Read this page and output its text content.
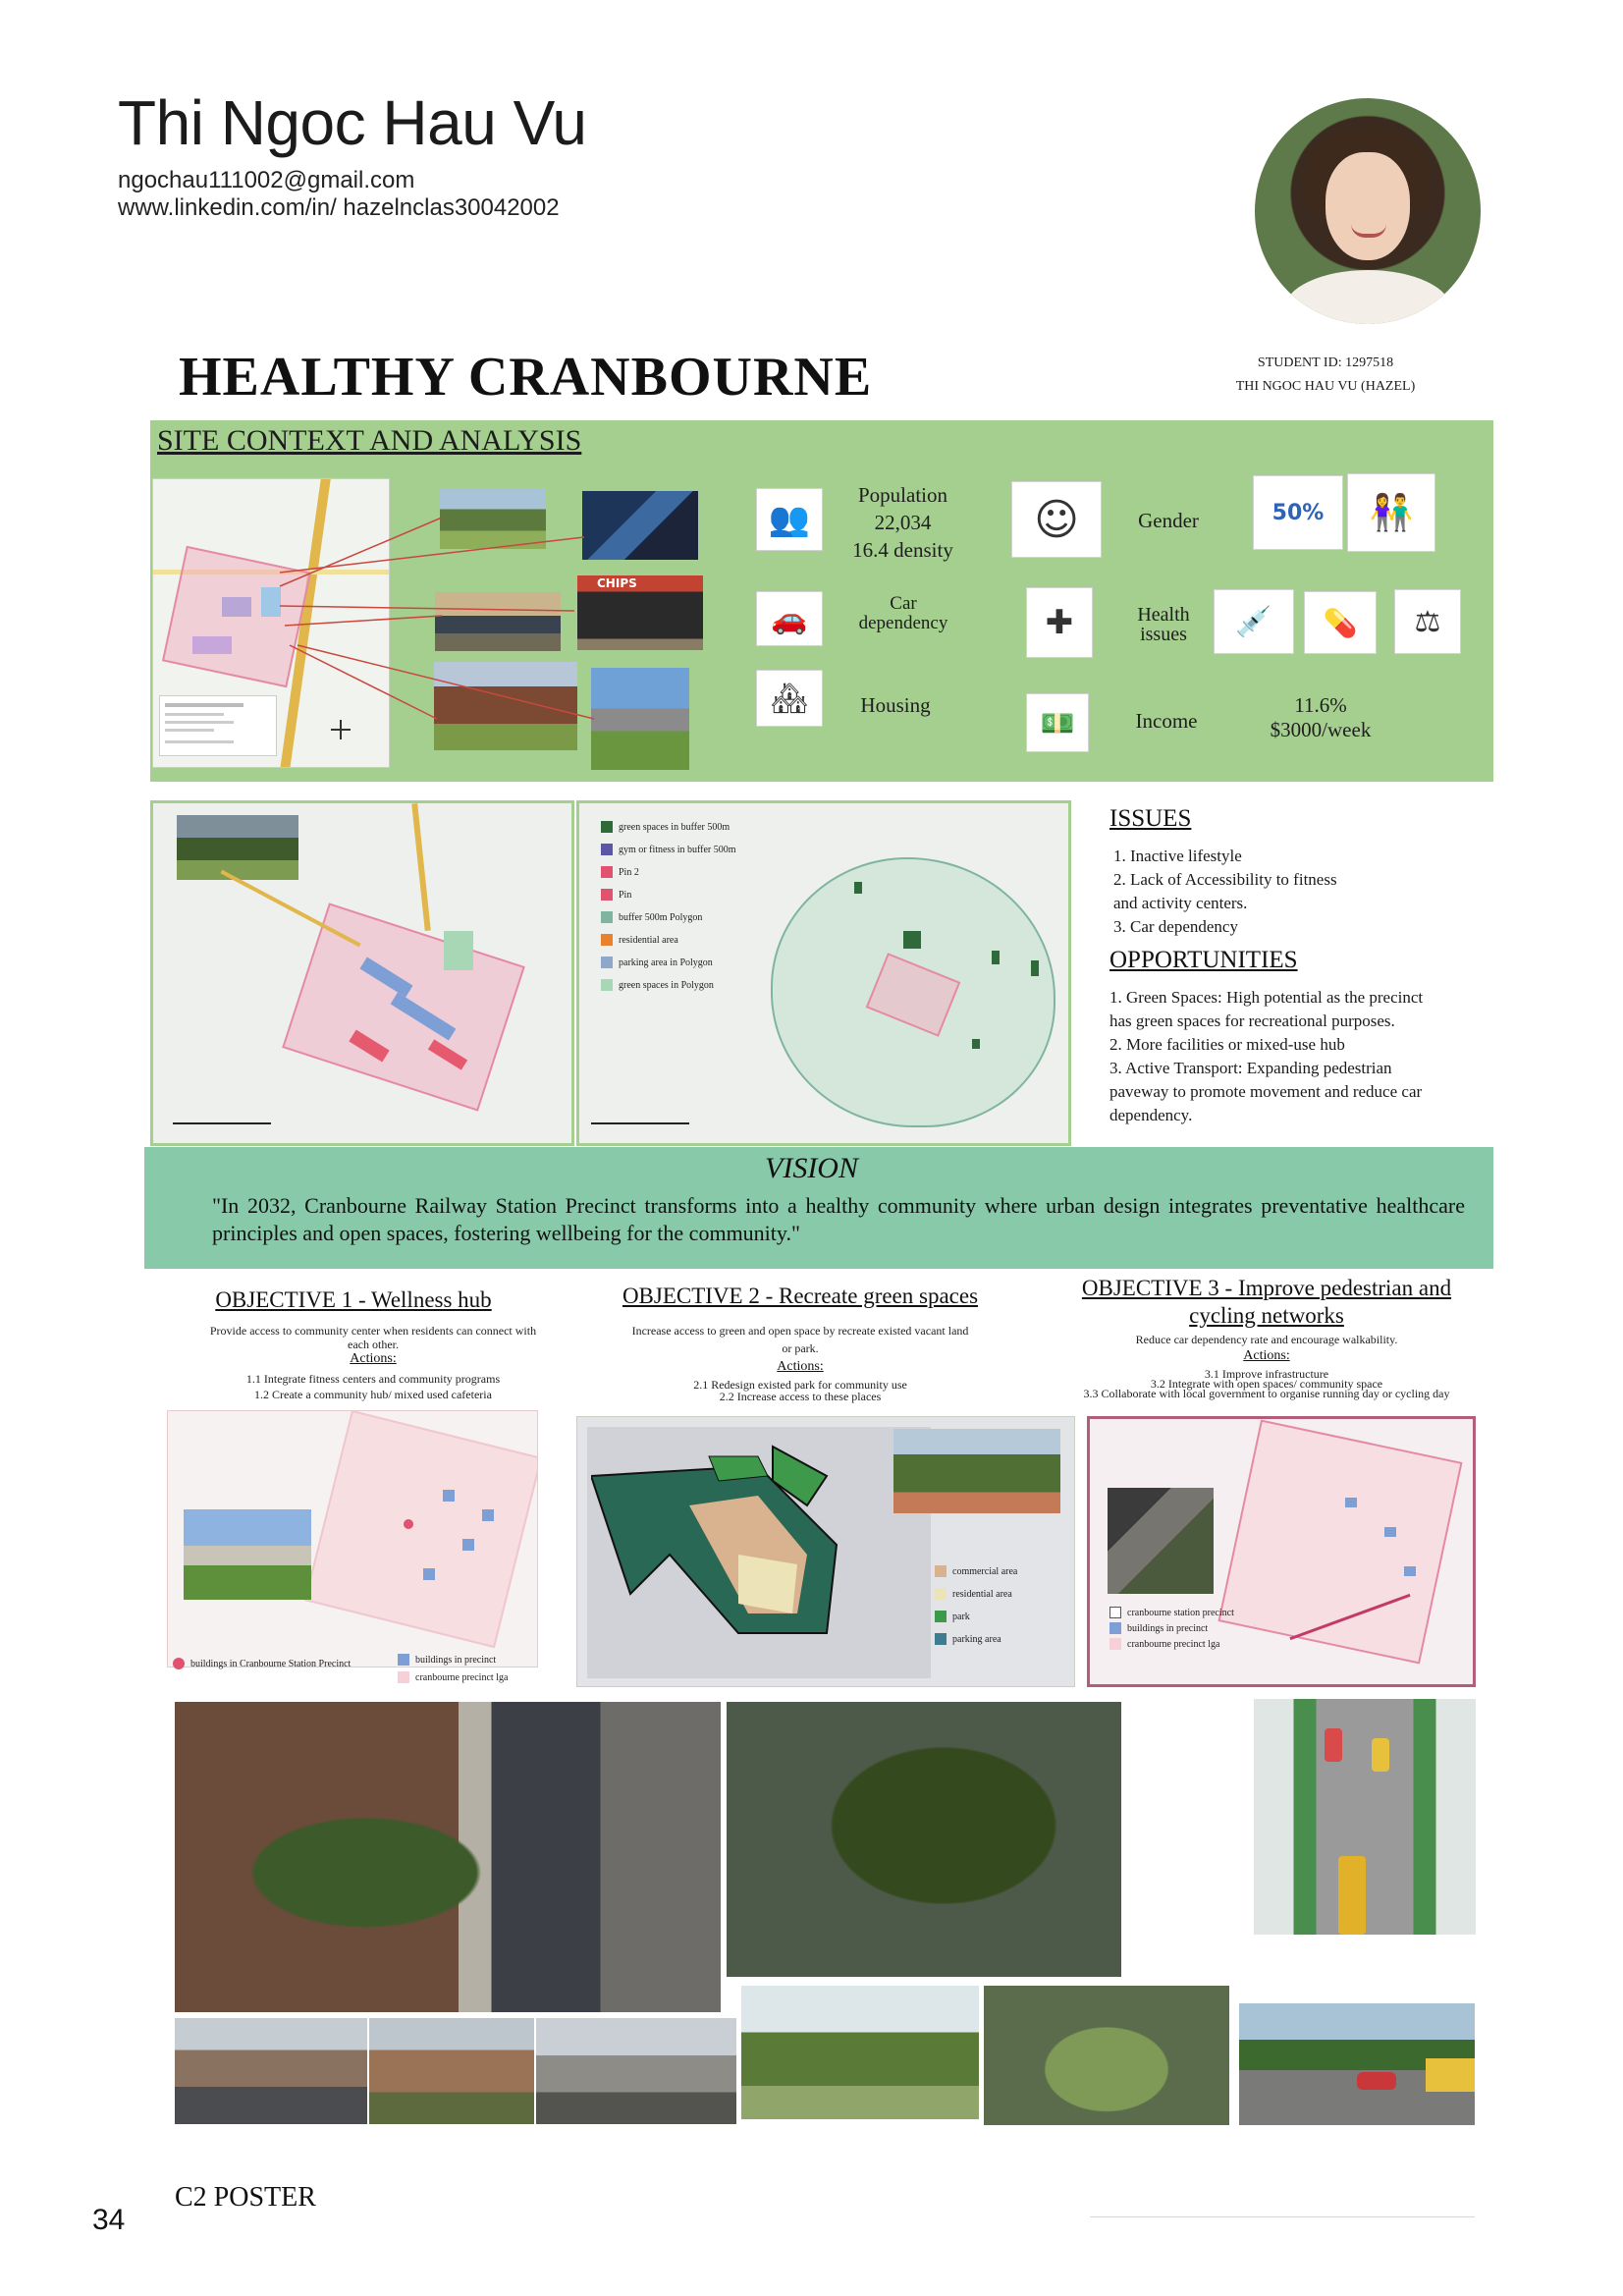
Thi Ngoc Hau Vu
ngochau111002@gmail.com
www.linkedin.com/in/ hazelnclas30042002
HEALTHY CRANBOURNE	STUDENT ID: 1297518
THI NGOC HAU VU (HAZEL)
SITE CONTEXT AND ANALYSIS
CHIPS
👥
Population
22,034
16.4 density
☺	Gender	50%	👫
🚗	Car
dependency	✚	Health
issues	💉	💊	⚖
🏘	Housing
💵	Income
11.6%
$3000/week
green spaces in buffer 500m
gym or fitness in buffer 500m
Pin 2
Pin
buffer 500m Polygon
residential area
parking area in Polygon
green spaces in Polygon
ISSUES
1. Inactive lifestyle
2. Lack of Accessibility to fitness
and activity centers.
3. Car dependency
OPPORTUNITIES
1. Green Spaces: High potential as the precinct
has green spaces for recreational purposes.
2. More facilities or mixed-use hub
3. Active Transport: Expanding pedestrian
paveway to promote movement and reduce car
dependency.
VISION
"In 2032, Cranbourne Railway Station Precinct transforms into a healthy community where urban design integrates preventative healthcare principles and open spaces, fostering wellbeing for the community."
OBJECTIVE 1 - Wellness hub
Provide access to community center when residents can connect with
each other.
Actions:
1.1 Integrate fitness centers and community programs
1.2 Create a community hub/ mixed used cafeteria
OBJECTIVE 2 - Recreate green spaces
Increase access to green and open space by recreate existed vacant land
or park.
Actions:
2.1 Redesign existed park for community use
2.2 Increase access to these places
OBJECTIVE 3 - Improve pedestrian and
cycling networks
Reduce car dependency rate and encourage walkability.
Actions:
3.1 Improve infrastructure
3.2 Integrate with open spaces/ community space
3.3 Collaborate with local government to organise running day or cycling day
buildings in Cranbourne Station Precinct	buildings in precinct
cranbourne precinct lga
commercial area
residential area
park
parking area
cranbourne station precinct
buildings in precinct
cranbourne precinct lga
C2 POSTER
34
